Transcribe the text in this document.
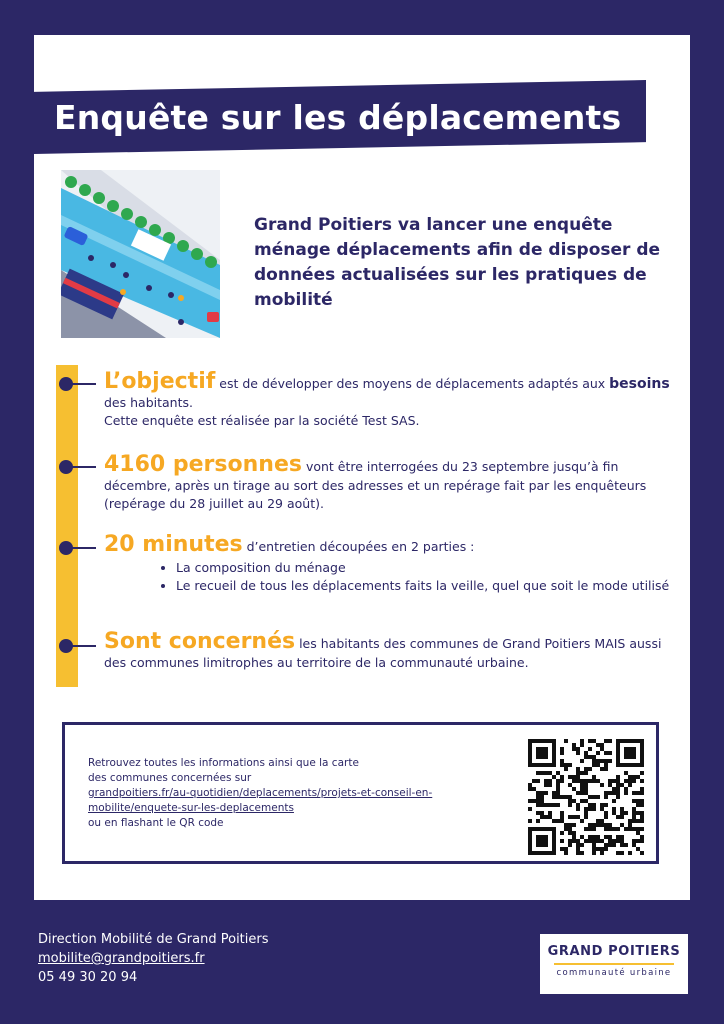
Enquête sur les déplacements
Grand Poitiers va lancer une enquête ménage déplacements afin de disposer de données actualisées sur les pratiques de mobilité
L’objectif est de développer des moyens de déplacements adaptés aux besoins des habitants.
Cette enquête est réalisée par la société Test SAS.
4160 personnes vont être interrogées du 23 septembre jusqu’à fin décembre, après un tirage au sort des adresses et un repérage fait par les enquêteurs (repérage du 28 juillet au 29 août).
20 minutes d’entretien découpées en 2 parties :
• La composition du ménage
• Le recueil de tous les déplacements faits la veille, quel que soit le mode utilisé
Sont concernés les habitants des communes de Grand Poitiers MAIS aussi des communes limitrophes au territoire de la communauté urbaine.
Retrouvez toutes les informations ainsi que la carte
des communes concernées sur
grandpoitiers.fr/au-quotidien/deplacements/projets-et-conseil-en-mobilite/enquete-sur-les-deplacements
ou en flashant le QR code
Direction Mobilité de Grand Poitiers
mobilite@grandpoitiers.fr
05 49 30 20 94
GRAND POITIERS
communauté urbaine
